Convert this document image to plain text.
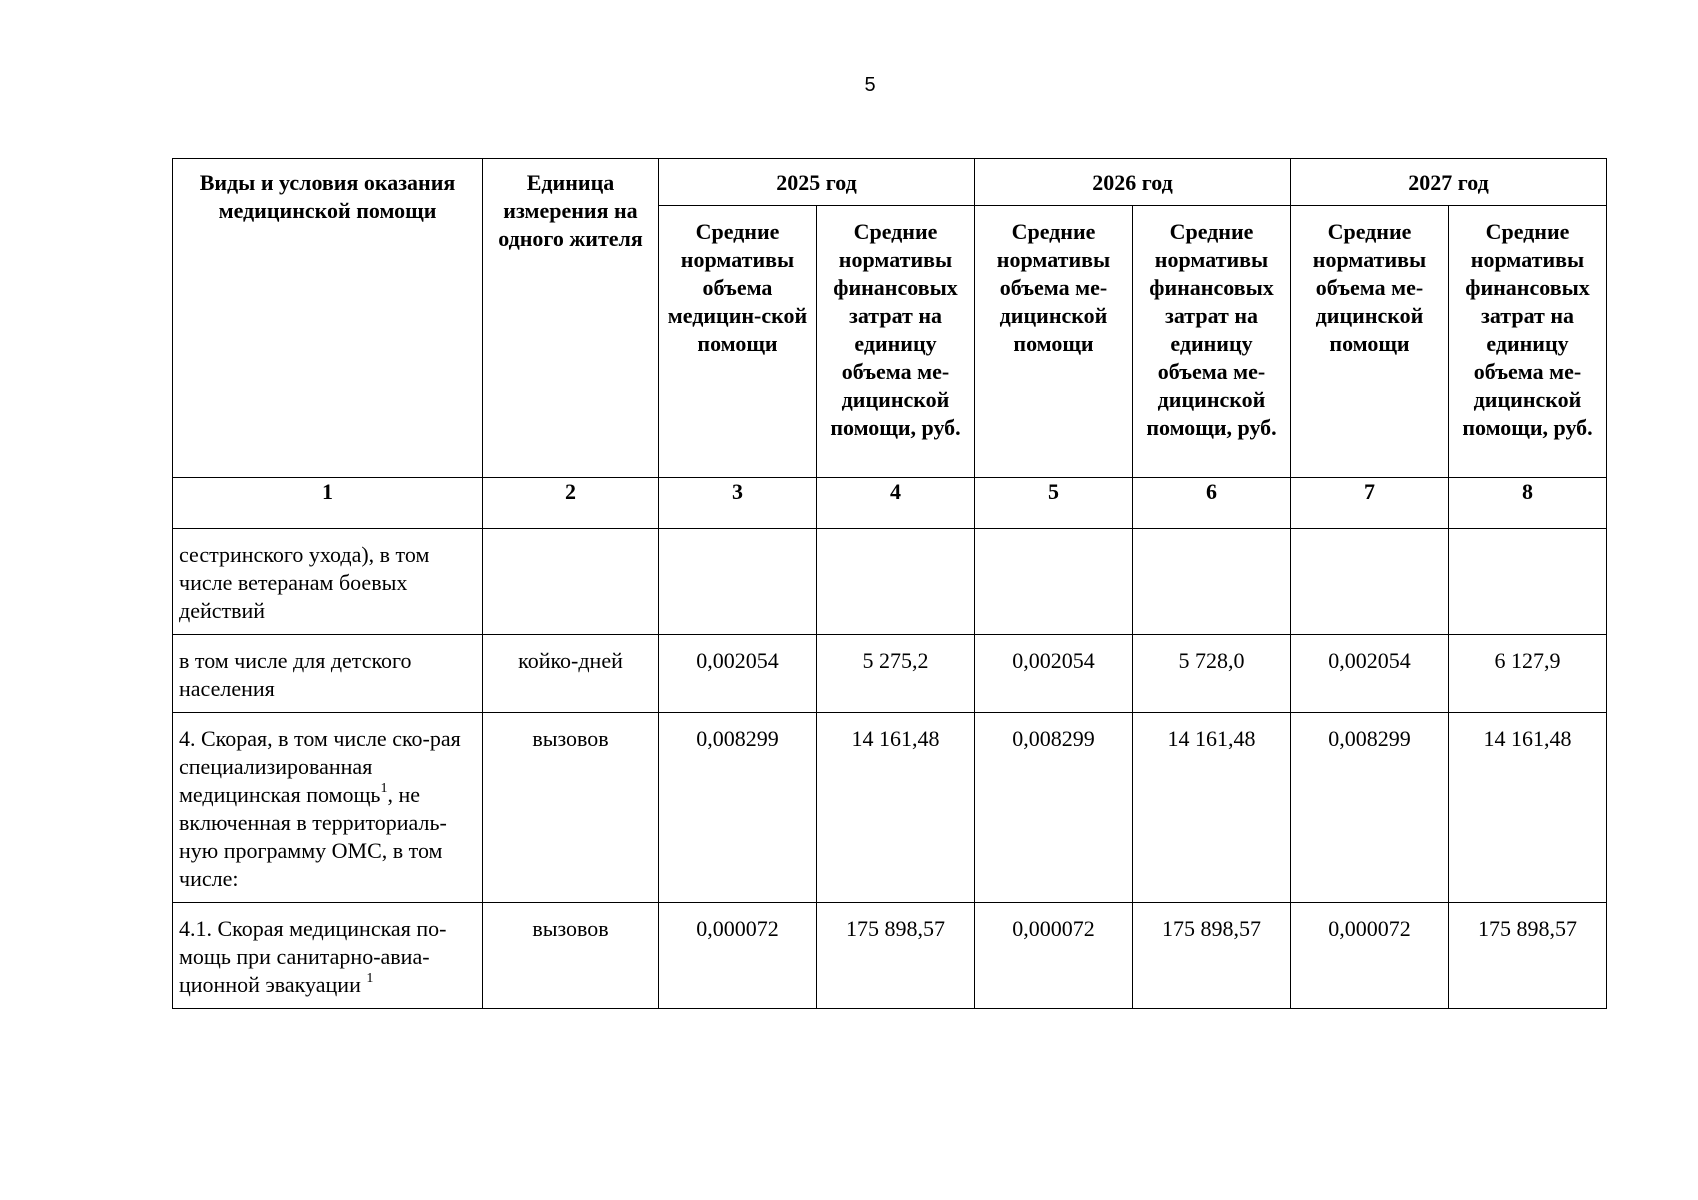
5
Виды и условия оказания медицинской помощи	Единица измерения на одного жителя	2025 год		2026 год		2027 год	

		Средние нормативы объема медицин-ской помощи	Средние нормативы финансовых затрат на единицу объема ме-дицинской помощи, руб.	Средние нормативы объема ме-дицинской помощи	Средние нормативы финансовых затрат на единицу объема ме-дицинской помощи, руб.	Средние нормативы объема ме-дицинской помощи	Средние нормативы финансовых затрат на единицу объема ме-дицинской помощи, руб.

1	2	3	4	5	6	7	8

сестринского ухода), в том числе ветеранам боевых действий							

в том числе для детского населения	койко-дней	0,002054	5 275,2	0,002054	5 728,0	0,002054	6 127,9

4. Скорая, в том числе ско-рая специализированная медицинская помощь$^1$, не включенная в территориаль-ную программу ОМС, в том числе:	вызовов	0,008299	14 161,48	0,008299	14 161,48	0,008299	14 161,48

4.1. Скорая медицинская по-мощь при санитарно-авиа-ционной эвакуации $^1$	вызовов	0,000072	175 898,57	0,000072	175 898,57	0,000072	175 898,57
